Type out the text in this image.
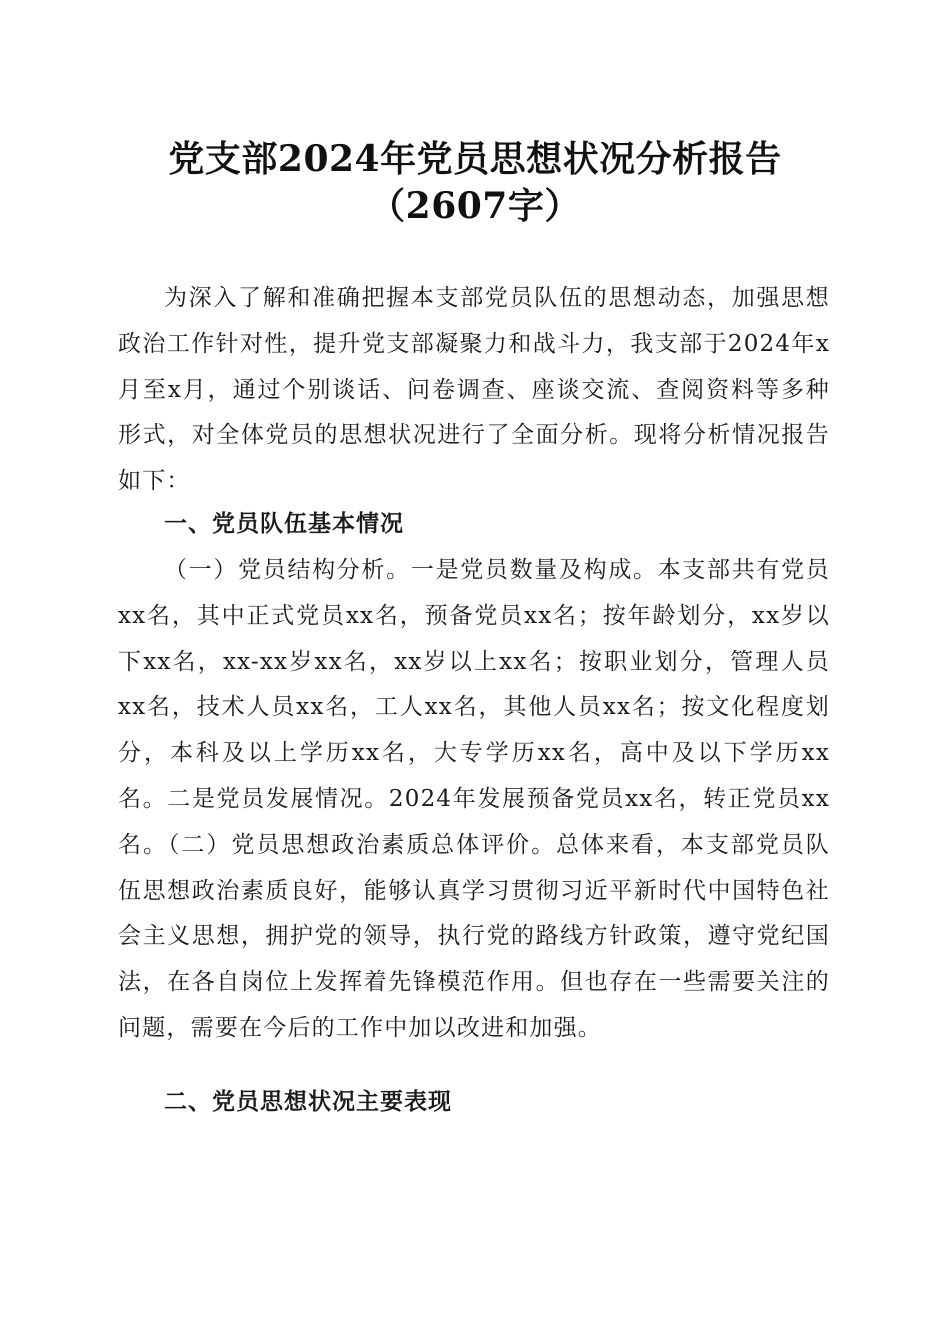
党支部2024年党员思想状况分析报告（2607字）

为深入了解和准确把握本支部党员队伍的思想动态，加强思想政治工作针对性，提升党支部凝聚力和战斗力，我支部于2024年x月至x月，通过个别谈话、问卷调查、座谈交流、查阅资料等多种形式，对全体党员的思想状况进行了全面分析。现将分析情况报告如下：

一、党员队伍基本情况

（一）党员结构分析。一是党员数量及构成。本支部共有党员xx名，其中正式党员xx名，预备党员xx名；按年龄划分，xx岁以下xx名，xx-xx岁xx名，xx岁以上xx名；按职业划分，管理人员xx名，技术人员xx名，工人xx名，其他人员xx名；按文化程度划分，本科及以上学历xx名，大专学历xx名，高中及以下学历xx名。二是党员发展情况。2024年发展预备党员xx名，转正党员xx名。（二）党员思想政治素质总体评价。总体来看，本支部党员队伍思想政治素质良好，能够认真学习贯彻习近平新时代中国特色社会主义思想，拥护党的领导，执行党的路线方针政策，遵守党纪国法，在各自岗位上发挥着先锋模范作用。但也存在一些需要关注的问题，需要在今后的工作中加以改进和加强。

二、党员思想状况主要表现
